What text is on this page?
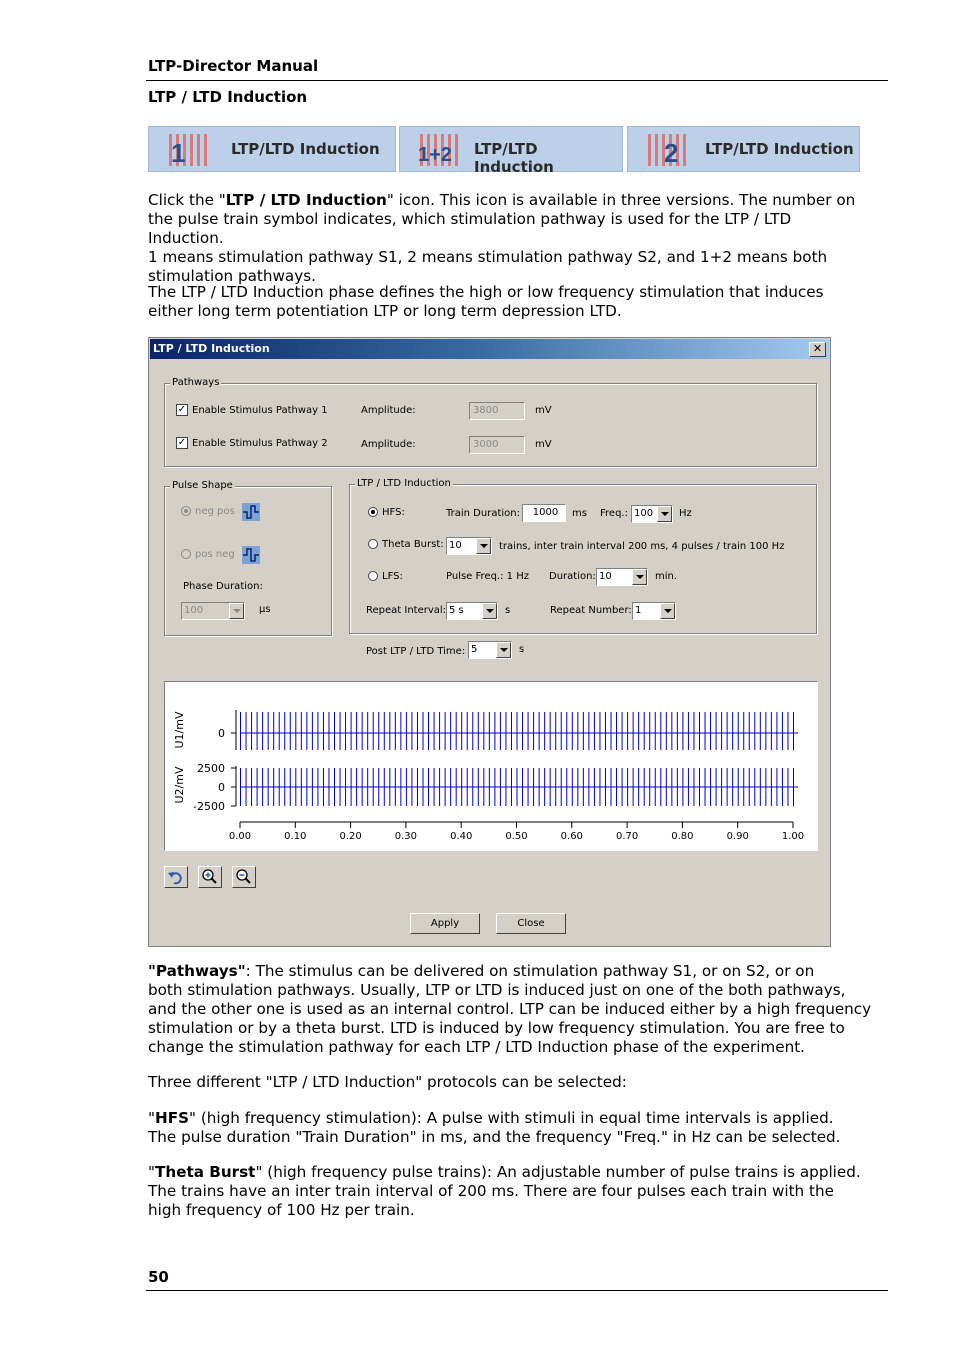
LTP-Director Manual
LTP / LTD Induction
1	LTP/LTD Induction 1+2 LTP/LTD Induction	2 LTP/LTD Induction

Click the "LTP / LTD Induction" icon. This icon is available in three versions. The number on
the pulse train symbol indicates, which stimulation pathway is used for the LTP / LTD Induction.
1 means stimulation pathway S1, 2 means stimulation pathway S2, and 1+2 means both
stimulation pathways.

The LTP / LTD Induction phase defines the high or low frequency stimulation that induces
either long term potentiation LTP or long term depression LTD.

LTP / LTD Induction	✕
Pathways
✓ Enable Stimulus Pathway 1	Amplitude:	3800	mV
✓ Enable Stimulus Pathway 2	Amplitude:	3000	mV
Pulse Shape
neg pos
pos neg
Phase Duration:
100	µs
LTP / LTD Induction
HFS:	Train Duration:	1000	ms Freq.: 100	Hz
Theta Burst: 10	trains, inter train interval 200 ms, 4 pulses / train 100 Hz
LFS:	Pulse Freq.: 1 Hz Duration: 10	min.
Repeat Interval: 5 s	s	Repeat Number: 1
Post LTP / LTD Time: 5	s
0
2500
0
-2500
U1/mV
U2/mV
0.00	0.10	0.20	0.30	0.40	0.50	0.60	0.70	0.80	0.90	1.00
Apply	Close

"Pathways": The stimulus can be delivered on stimulation pathway S1, or on S2, or on
both stimulation pathways. Usually, LTP or LTD is induced just on one of the both pathways,
and the other one is used as an internal control. LTP can be induced either by a high frequency
stimulation or by a theta burst. LTD is induced by low frequency stimulation. You are free to
change the stimulation pathway for each LTP / LTD Induction phase of the experiment.

Three different "LTP / LTD Induction" protocols can be selected:

"HFS" (high frequency stimulation): A pulse with stimuli in equal time intervals is applied.
The pulse duration "Train Duration" in ms, and the frequency "Freq." in Hz can be selected.

"Theta Burst" (high frequency pulse trains): An adjustable number of pulse trains is applied.
The trains have an inter train interval of 200 ms. There are four pulses each train with the
high frequency of 100 Hz per train.

50
